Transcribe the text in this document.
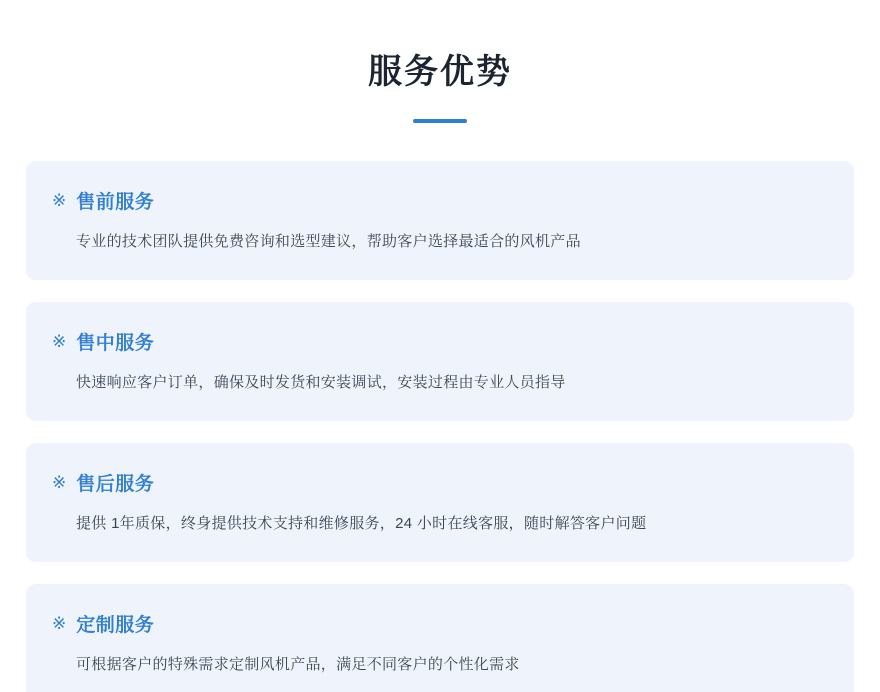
服务优势
※ 售前服务
专业的技术团队提供免费咨询和选型建议，帮助客户选择最适合的风机产品
※ 售中服务
快速响应客户订单，确保及时发货和安装调试，安装过程由专业人员指导
※ 售后服务
提供 1年质保，终身提供技术支持和维修服务，24 小时在线客服，随时解答客户问题
※ 定制服务
可根据客户的特殊需求定制风机产品，满足不同客户的个性化需求
